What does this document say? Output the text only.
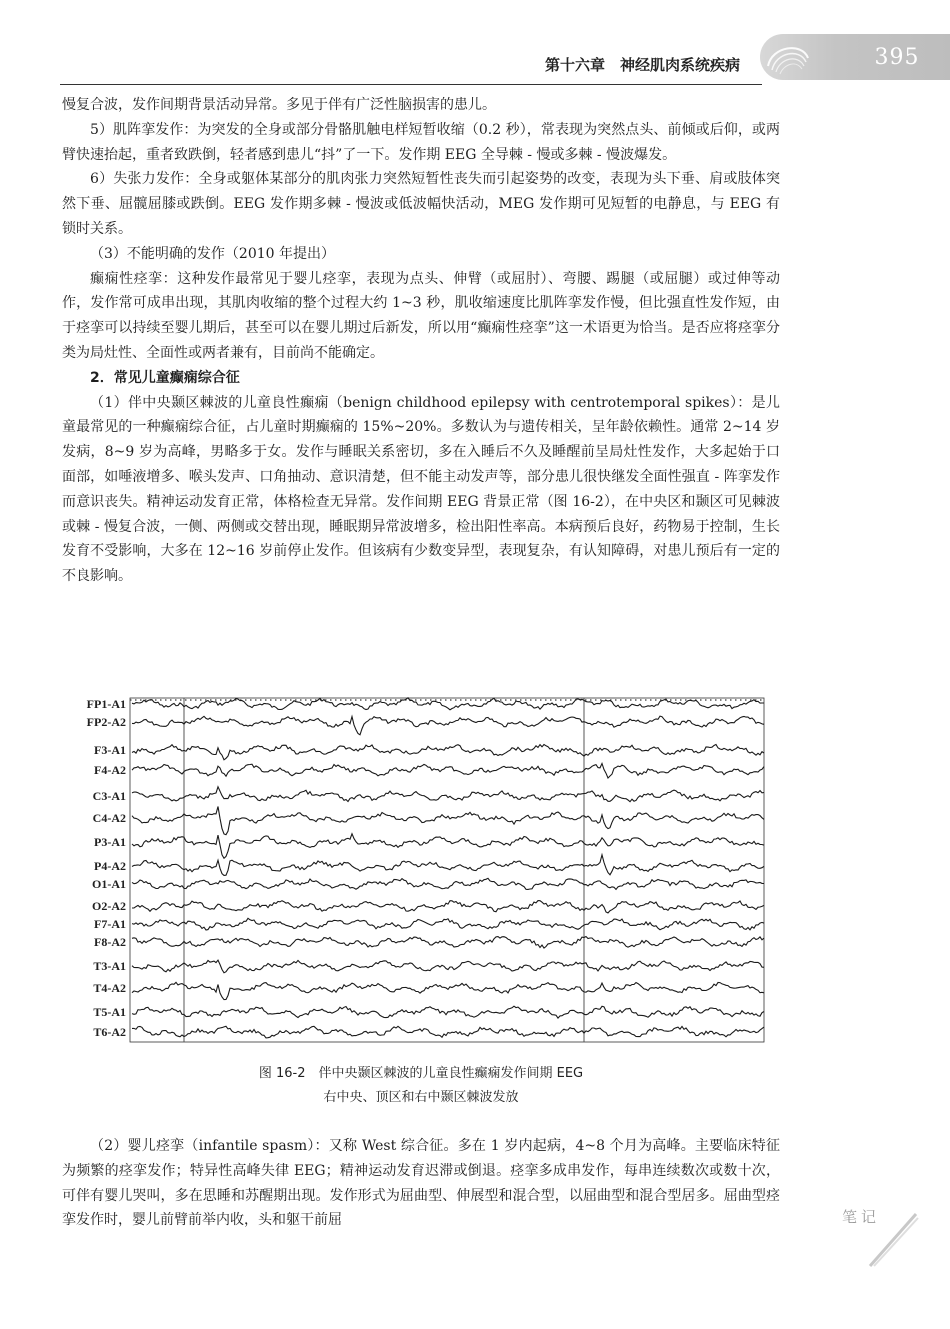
第十六章　神经肌肉系统疾病	395

慢复合波，发作间期背景活动异常。多见于伴有广泛性脑损害的患儿。

5）肌阵挛发作：为突发的全身或部分骨骼肌触电样短暂收缩（0.2 秒），常表现为突然点头、前倾或后仰，或两臂快速抬起，重者致跌倒，轻者感到患儿“抖”了一下。发作期 EEG 全导棘 - 慢或多棘 - 慢波爆发。

6）失张力发作：全身或躯体某部分的肌肉张力突然短暂性丧失而引起姿势的改变，表现为头下垂、肩或肢体突然下垂、屈髋屈膝或跌倒。EEG 发作期多棘 - 慢波或低波幅快活动，MEG 发作期可见短暂的电静息，与 EEG 有锁时关系。

（3）不能明确的发作（2010 年提出）

癫痫性痉挛：这种发作最常见于婴儿痉挛，表现为点头、伸臂（或屈肘）、弯腰、踢腿（或屈腿）或过伸等动作，发作常可成串出现，其肌肉收缩的整个过程大约 1~3 秒，肌收缩速度比肌阵挛发作慢，但比强直性发作短，由于痉挛可以持续至婴儿期后，甚至可以在婴儿期过后新发，所以用“癫痫性痉挛”这一术语更为恰当。是否应将痉挛分类为局灶性、全面性或两者兼有，目前尚不能确定。

2．常见儿童癫痫综合征

（1）伴中央颞区棘波的儿童良性癫痫（benign childhood epilepsy with centrotemporal spikes）：是儿童最常见的一种癫痫综合征，占儿童时期癫痫的 15%~20%。多数认为与遗传相关，呈年龄依赖性。通常 2~14 岁发病，8~9 岁为高峰，男略多于女。发作与睡眠关系密切，多在入睡后不久及睡醒前呈局灶性发作，大多起始于口面部，如唾液增多、喉头发声、口角抽动、意识清楚，但不能主动发声等，部分患儿很快继发全面性强直 - 阵挛发作而意识丧失。精神运动发育正常，体格检查无异常。发作间期 EEG 背景正常（图 16-2），在中央区和颞区可见棘波或棘 - 慢复合波，一侧、两侧或交替出现，睡眠期异常波增多，检出阳性率高。本病预后良好，药物易于控制，生长发育不受影响，大多在 12~16 岁前停止发作。但该病有少数变异型，表现复杂，有认知障碍，对患儿预后有一定的不良影响。

FP1-A1
FP2-A2
F3-A1
F4-A2
C3-A1
C4-A2
P3-A1
P4-A2
O1-A1
O2-A2
F7-A1
F8-A2
T3-A1
T4-A2
T5-A1
T6-A2
图 16-2　伴中央颞区棘波的儿童良性癫痫发作间期 EEG
右中央、顶区和右中颞区棘波发放

（2）婴儿痉挛（infantile spasm）：又称 West 综合征。多在 1 岁内起病，4~8 个月为高峰。主要临床特征为频繁的痉挛发作；特异性高峰失律 EEG；精神运动发育迟滞或倒退。痉挛多成串发作，每串连续数次或数十次，可伴有婴儿哭叫，多在思睡和苏醒期出现。发作形式为屈曲型、伸展型和混合型，以屈曲型和混合型居多。屈曲型痉挛发作时，婴儿前臂前举内收，头和躯干前屈	笔记
